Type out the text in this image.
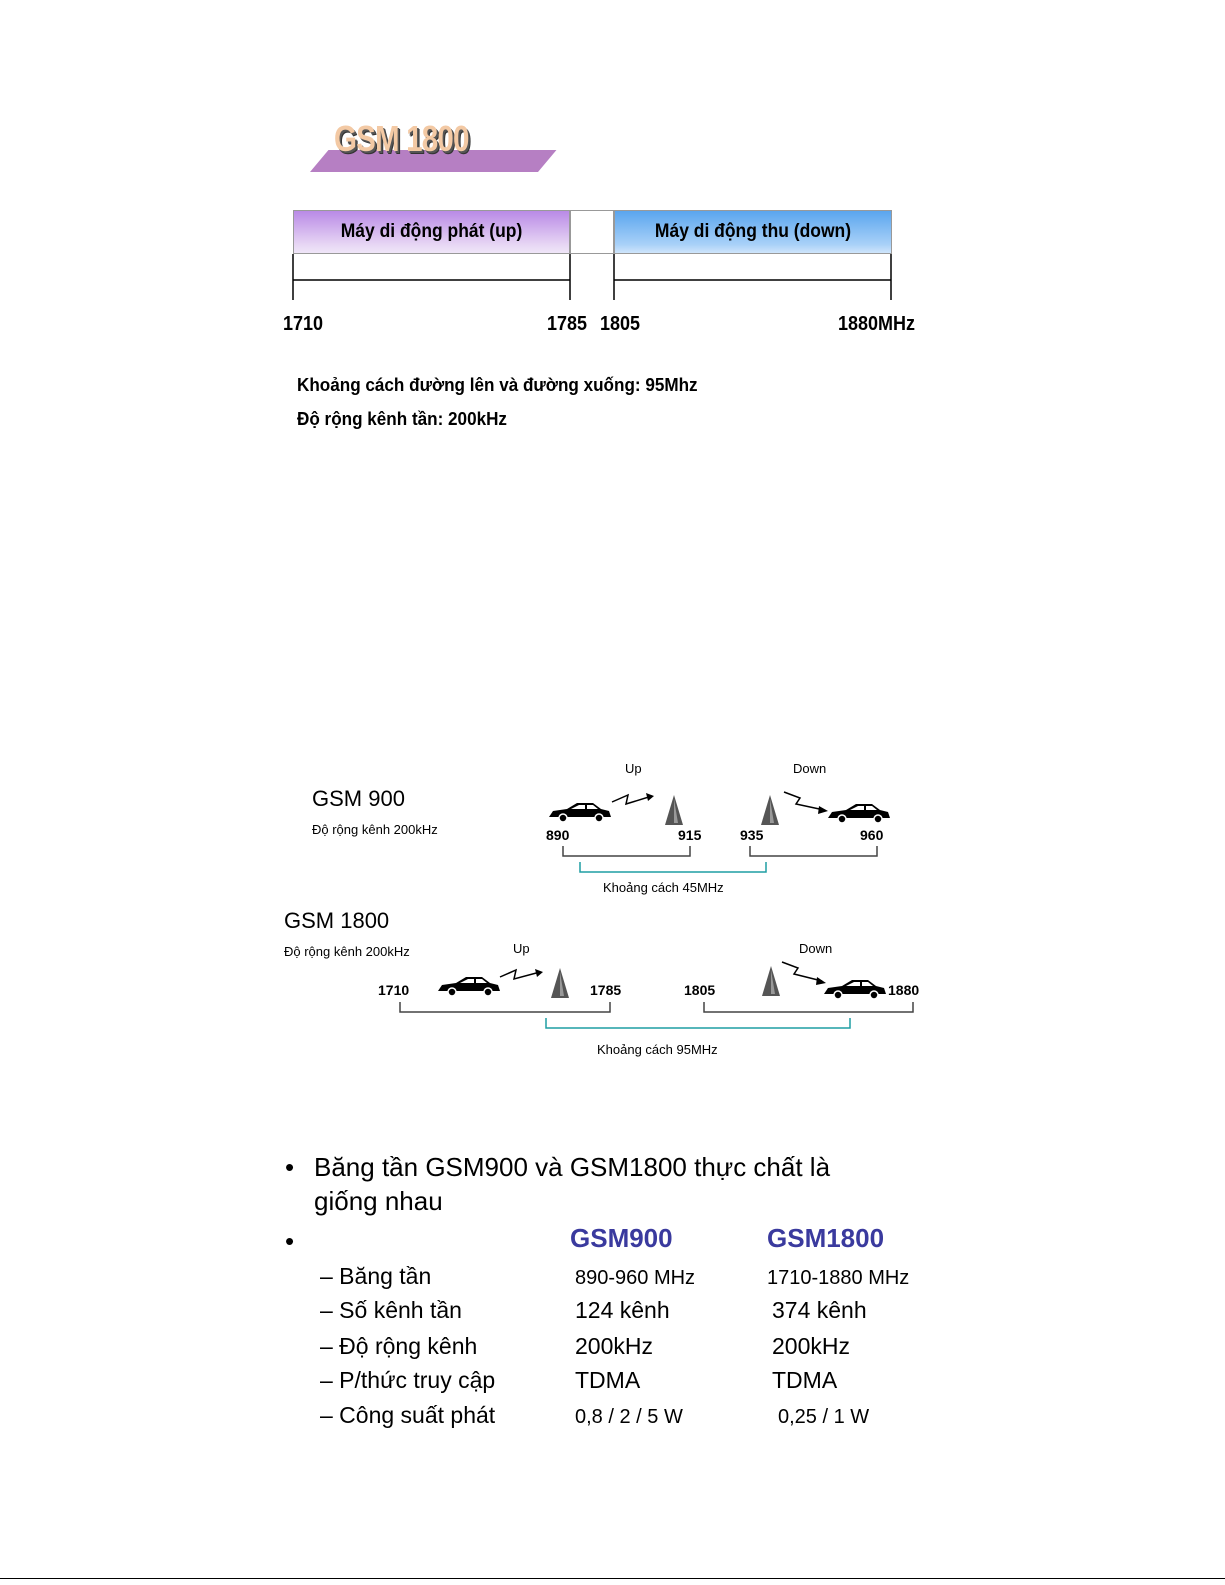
GSM 1800
Máy di động phát (up)	Máy di động thu (down)
1710	1785 1805	1880MHz
Khoảng cách đường lên và đường xuống: 95Mhz
Độ rộng kênh tần: 200kHz
GSM 900
Độ rộng kênh 200kHz
Up	Down
890	915	935	960
Khoảng cách 45MHz
GSM 1800
Độ rộng kênh 200kHz	Up	Down
1710	1785	1805	1880
Khoảng cách 95MHz
• Băng tần GSM900 và GSM1800 thực chất là
giống nhau
•	GSM900	GSM1800
– Băng tần	890-960 MHz	1710-1880 MHz
– Số kênh tần	124 kênh	374 kênh
– Độ rộng kênh	200kHz	200kHz
– P/thức truy cập	TDMA	TDMA
– Công suất phát	0,8 / 2 / 5 W	0,25 / 1 W
